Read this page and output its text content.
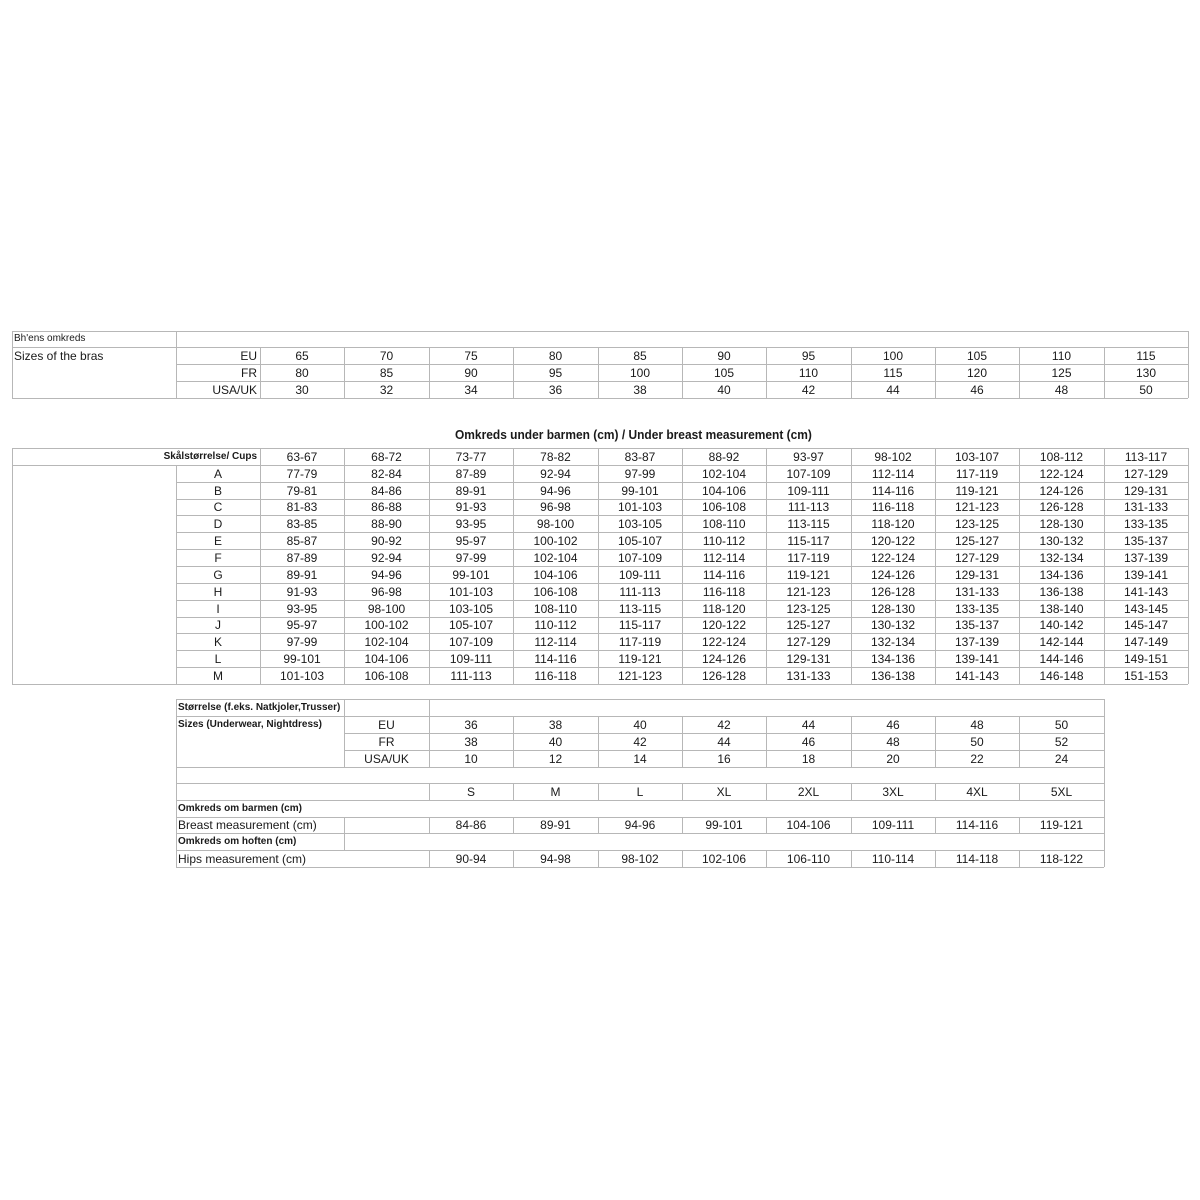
Bh'ens omkreds
Sizes of the bras	EU	65	70	75	80	85	90	95	100	105	110	115
FR	80	85	90	95	100	105	110	115	120	125	130
USA/UK	30	32	34	36	38	40	42	44	46	48	50
Omkreds under barmen (cm) / Under breast measurement (cm)
Skålstørrelse/ Cups	63-67	68-72	73-77	78-82	83-87	88-92	93-97	98-102	103-107	108-112	113-117
A	77-79	82-84	87-89	92-94	97-99	102-104	107-109	112-114	117-119	122-124	127-129
B	79-81	84-86	89-91	94-96	99-101	104-106	109-111	114-116	119-121	124-126	129-131
C	81-83	86-88	91-93	96-98	101-103	106-108	111-113	116-118	121-123	126-128	131-133
D	83-85	88-90	93-95	98-100	103-105	108-110	113-115	118-120	123-125	128-130	133-135
E	85-87	90-92	95-97	100-102	105-107	110-112	115-117	120-122	125-127	130-132	135-137
F	87-89	92-94	97-99	102-104	107-109	112-114	117-119	122-124	127-129	132-134	137-139
G	89-91	94-96	99-101	104-106	109-111	114-116	119-121	124-126	129-131	134-136	139-141
H	91-93	96-98	101-103	106-108	111-113	116-118	121-123	126-128	131-133	136-138	141-143
I	93-95	98-100	103-105	108-110	113-115	118-120	123-125	128-130	133-135	138-140	143-145
J	95-97	100-102	105-107	110-112	115-117	120-122	125-127	130-132	135-137	140-142	145-147
K	97-99	102-104	107-109	112-114	117-119	122-124	127-129	132-134	137-139	142-144	147-149
L	99-101	104-106	109-111	114-116	119-121	124-126	129-131	134-136	139-141	144-146	149-151
M	101-103	106-108	111-113	116-118	121-123	126-128	131-133	136-138	141-143	146-148	151-153
Størrelse (f.eks. Natkjoler,Trusser)
Sizes (Underwear, Nightdress)	EU	36	38	40	42	44	46	48	50
FR	38	40	42	44	46	48	50	52
USA/UK	10	12	14	16	18	20	22	24
S	M	L	XL	2XL	3XL	4XL	5XL
Omkreds om barmen (cm)
Breast measurement (cm)	84-86	89-91	94-96	99-101	104-106	109-111	114-116	119-121
Omkreds om hoften (cm)
Hips measurement (cm)	90-94	94-98	98-102	102-106	106-110	110-114	114-118	118-122
